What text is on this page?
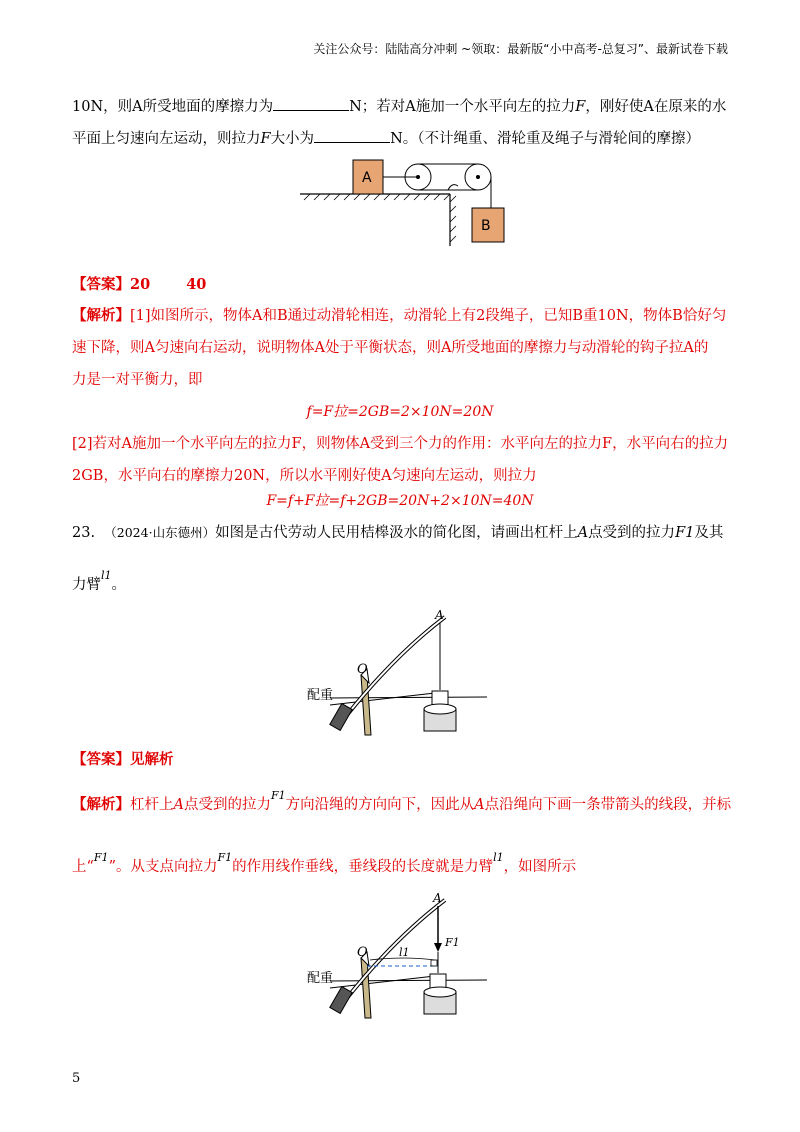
关注公众号：陆陆高分冲刺 ~领取：最新版“小中高考-总复习”、最新试卷下载
10N，则A所受地面的摩擦力为	N；若对A施加一个水平向左的拉力F，刚好使A在原来的水
平面上匀速向左运动，则拉力F大小为	N。（不计绳重、滑轮重及绳子与滑轮间的摩擦）
A
B
【答案】20 40
【解析】[1]如图所示，物体A和B通过动滑轮相连，动滑轮上有2段绳子，已知B重10N，物体B恰好匀
速下降，则A匀速向右运动，说明物体A处于平衡状态，则A所受地面的摩擦力与动滑轮的钩子拉A的
力是一对平衡力，即
f=F拉=2GB=2×10N=20N
[2]若对A施加一个水平向左的拉力F，则物体A受到三个力的作用：水平向左的拉力F，水平向右的拉力
2GB，水平向右的摩擦力20N，所以水平刚好使A匀速向左运动，则拉力
F=f+F拉=f+2GB=20N+2×10N=40N
23. （2024·山东德州）如图是古代劳动人民用桔槔汲水的简化图，请画出杠杆上A点受到的拉力F1及其
力臂$^{l1}$。
A
O
配重
【答案】见解析
【解析】杠杆上A点受到的拉力$^{F1}$方向沿绳的方向向下，因此从A点沿绳向下画一条带箭头的线段，并标
上“$^{F1}$”。从支点向拉力$^{F1}$的作用线作垂线，垂线段的长度就是力臂$^{l1}$，如图所示
A
O
F1
l1
配重
5
